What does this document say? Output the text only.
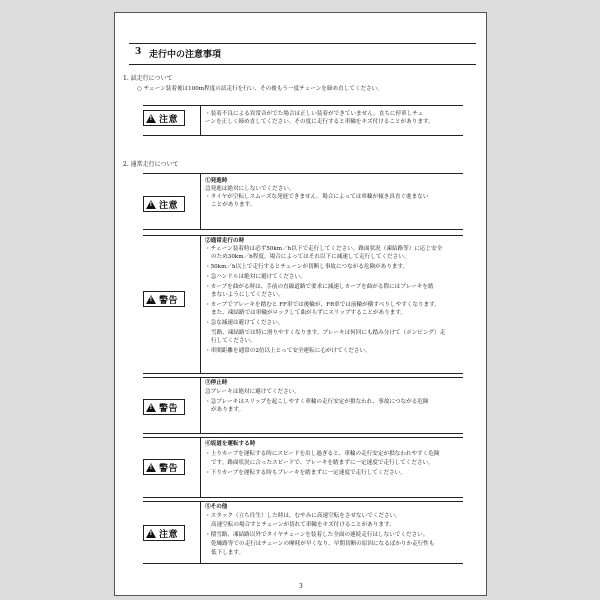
3 走行中の注意事項
1. 試走行について
○ チェーン装着後は100m程度の試走行を行い、その後もう一度チェーンを締め直してください。
!
注意
・装着不良による異常音がでた場合は正しい装着ができていません。直ちに停車しチェ
ーンを正しく締め直してください。その度に走行すると車輪をキズ付けることがあります。
2. 通常走行について
!
注意
①発進時
急発進は絶対にしないでください。
・タイヤが空転しスムーズな発進できません。場合によっては車輪が傾き真直ぐ進まない
ことがあります。
!
警告
②通常走行の時
・チェーン装着時は必ず50km／h以下で走行してください。路面状況（凍結路等）に応じ安全
のため30km／h程度。場合によってはそれ以下に減速して走行してください。
・50km／h以上で走行するとチェーンが切断し事故につながる危険があります。
・急ハンドルは絶対に避けてください。
・カーブを曲がる時は、手前の直線道路で要求に減速しカーブを曲がる際にはブレーキを踏
まないようにしてください。
・カーブでブレーキを踏むと FF車では後輪が、FR車では前輪が横すべりしやすくなります。
また、凍結路では車輪がロックして曲がらずにスリップすることがあります。
・急な減速は避けてください。
雪路、凍結路では特に滑りやすくなります。ブレーキは何回にも踏み分けて（ポンピング）走
行してください。
・車間距離を通常の2倍以上とって安全運転に心がけてください。
!
警告
③停止時
急ブレーキは絶対に避けてください。
・急ブレーキはスリップを起こしやすく車輪の走行安定が損なわれ、事故につながる危険
があります。
!
警告
④坂道を運転する時
・上りカーブを運転する時にスピードを出し過ぎると、車輪の走行安定が損なわれやすく危険
です。路面状況に合ったスピードで、ブレーキを踏まずに一定速度で走行してください。
・下りカーブを運転する時もブレーキを踏まずに一定速度で走行してください。
!
注意
⑤その他
・スタック（立ち往生）した時は、むやみに高速空転をさせないでください。
高速空転の場合すとチェーンが切れて車輪をキズ付けることがあります。
・積雪路、凍結路以外でタイヤチェーンを装着した全面の連続走行はしないでください。
乾燥路等での走行はチェーンの摩耗が早くなり、早期切断の原因になるばかりか走行性も
低下します。
3
